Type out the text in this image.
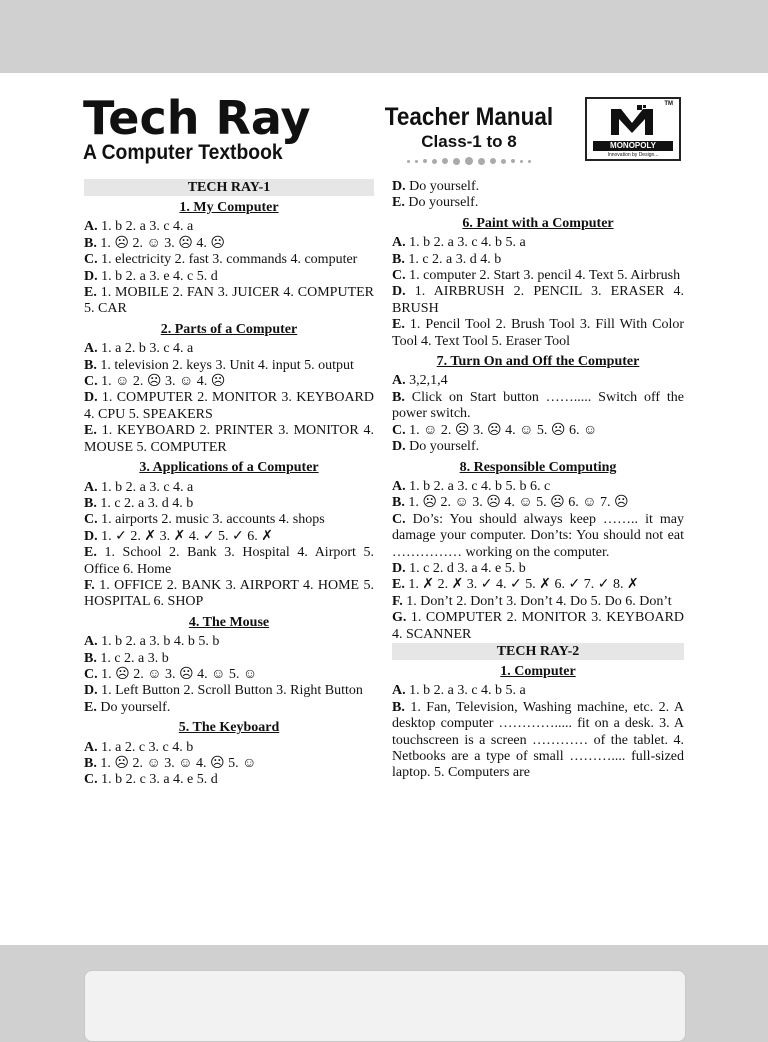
Tech Ray
A Computer Textbook
Teacher Manual
Class-1 to 8
TM
MONOPOLY
Innovation by Design...
TECH RAY-1
1. My Computer
A. 1. b 2. a 3. c 4. a
B. 1. ☹ 2. ☺ 3. ☹ 4. ☹
C. 1. electricity 2. fast 3. commands 4. computer
D. 1. b 2. a 3. e 4. c 5. d
E. 1. MOBILE 2. FAN 3. JUICER 4. COMPUTER 5. CAR
2. Parts of a Computer
A. 1. a 2. b 3. c 4. a
B. 1. television 2. keys 3. Unit 4. input 5. output
C. 1. ☺ 2. ☹ 3. ☺ 4. ☹
D. 1. COMPUTER 2. MONITOR 3. KEYBOARD 4. CPU 5. SPEAKERS
E. 1. KEYBOARD 2. PRINTER 3. MONITOR 4. MOUSE 5. COMPUTER
3. Applications of a Computer
A. 1. b 2. a 3. c 4. a
B. 1. c 2. a 3. d 4. b
C. 1. airports 2. music 3. accounts 4. shops
D. 1. ✓ 2. ✗ 3. ✗ 4. ✓ 5. ✓ 6. ✗
E. 1. School 2. Bank 3. Hospital 4. Airport 5. Office 6. Home
F. 1. OFFICE 2. BANK 3. AIRPORT 4. HOME 5. HOSPITAL 6. SHOP
4. The Mouse
A. 1. b 2. a 3. b 4. b 5. b
B. 1. c 2. a 3. b
C. 1. ☹ 2. ☺ 3. ☹ 4. ☺ 5. ☺
D. 1. Left Button 2. Scroll Button 3. Right Button
E. Do yourself.
5. The Keyboard
A. 1. a 2. c 3. c 4. b
B. 1. ☹ 2. ☺ 3. ☺ 4. ☹ 5. ☺
C. 1. b 2. c 3. a 4. e 5. d
D. Do yourself.
E. Do yourself.
6. Paint with a Computer
A. 1. b 2. a 3. c 4. b 5. a
B. 1. c 2. a 3. d 4. b
C. 1. computer 2. Start 3. pencil 4. Text 5. Airbrush
D. 1. AIRBRUSH 2. PENCIL 3. ERASER 4. BRUSH
E. 1. Pencil Tool 2. Brush Tool 3. Fill With Color Tool 4. Text Tool 5. Eraser Tool
7. Turn On and Off the Computer
A. 3,2,1,4
B. Click on Start button ……..... Switch off the power switch.
C. 1. ☺ 2. ☹ 3. ☹ 4. ☺ 5. ☹ 6. ☺
D. Do yourself.
8. Responsible Computing
A. 1. b 2. a 3. c 4. b 5. b 6. c
B. 1. ☹ 2. ☺ 3. ☹ 4. ☺ 5. ☹ 6. ☺ 7. ☹
C. Do’s: You should always keep …….. it may damage your computer. Don’ts: You should not eat …………… working on the computer.
D. 1. c 2. d 3. a 4. e 5. b
E. 1. ✗ 2. ✗ 3. ✓ 4. ✓ 5. ✗ 6. ✓ 7. ✓ 8. ✗
F. 1. Don’t 2. Don’t 3. Don’t 4. Do 5. Do 6. Don’t
G. 1. COMPUTER 2. MONITOR 3. KEYBOARD 4. SCANNER
TECH RAY-2
1. Computer
A. 1. b 2. a 3. c 4. b 5. a
B. 1. Fan, Television, Washing machine, etc. 2. A desktop computer …………..... fit on a desk. 3. A touchscreen is a screen ………… of the tablet. 4. Netbooks are a type of small ……….... full-sized laptop. 5. Computers are
